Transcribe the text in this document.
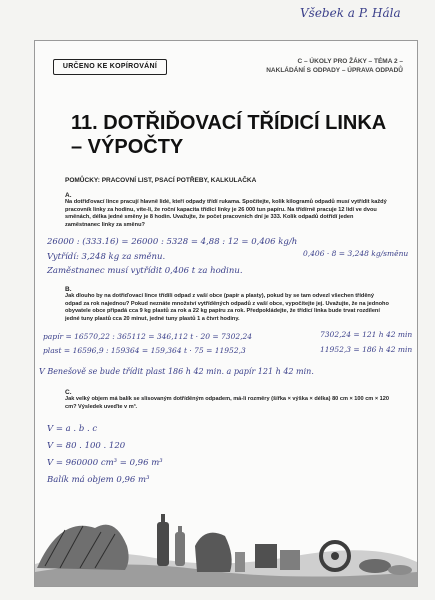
Všebek a P. Hála
URČENO KE KOPÍROVÁNÍ
C – ÚKOLY PRO ŽÁKY – TÉMA 2 –
NAKLÁDÁNÍ S ODPADY – ÚPRAVA ODPADŮ
11. DOTŘIĎOVACÍ TŘÍDICÍ LINKA
– VÝPOČTY
POMŮCKY: PRACOVNÍ LIST, PSACÍ POTŘEBY, KALKULAČKA
A.
Na dotřiďovací lince pracují hlavně lidé, kteří odpady třídí rukama. Spočítejte, kolik kilogramů odpadů musí vytřídit každý pracovník linky za hodinu, víte-li, že roční kapacita třídicí linky je 26 000 tun papíru. Na třídírně pracuje 12 lidí ve dvou směnách, délka jedné směny je 8 hodin. Uvažujte, že počet pracovních dní je 333. Kolik odpadů dotřídí jeden zaměstnanec linky za směnu?
26000 : (333.16) = 26000 : 5328 = 4,88 : 12 = 0,406 kg/h
0,406 · 8 = 3,248 kg/směnu
Vytřídí: 3,248 kg za směnu.
Zaměstnanec musí vytřídit 0,406 t za hodinu.
B.
Jak dlouho by na dotřiďovací lince třídili odpad z vaší obce (papír a plasty), pokud by se tam odvezl všechen tříděný odpad za rok najednou? Pokud neznáte množství vytříděných odpadů z vaší obce, vypočítejte jej. Uvažujte, že na jednoho obyvatele obce připadá cca 9 kg plastů za rok a 22 kg papíru za rok. Předpokládejte, že třídicí linka bude trvat rozdílení jedné tuny plastů cca 20 minut, jedné tuny plastů 1 a čtvrt hodiny.
papír = 16570,22 : 365112 = 346,112 t · 20 = 7302,24	7302,24 = 121 h 42 min
plast = 16596,9 : 159364 = 159,364 t · 75 = 11952,3	11952,3 = 186 h 42 min
V Benešově se bude třídit plast 186 h 42 min. a papír 121 h 42 min.
C.
Jak velký objem má balík se slisovaným dotříděným odpadem, má-li rozměry (šířka × výška × délka) 80 cm × 100 cm × 120 cm? Výsledek uveďte v m³.
V = a . b . c
V = 80 . 100 . 120
V = 960000 cm³ = 0,96 m³
Balík má objem 0,96 m³
